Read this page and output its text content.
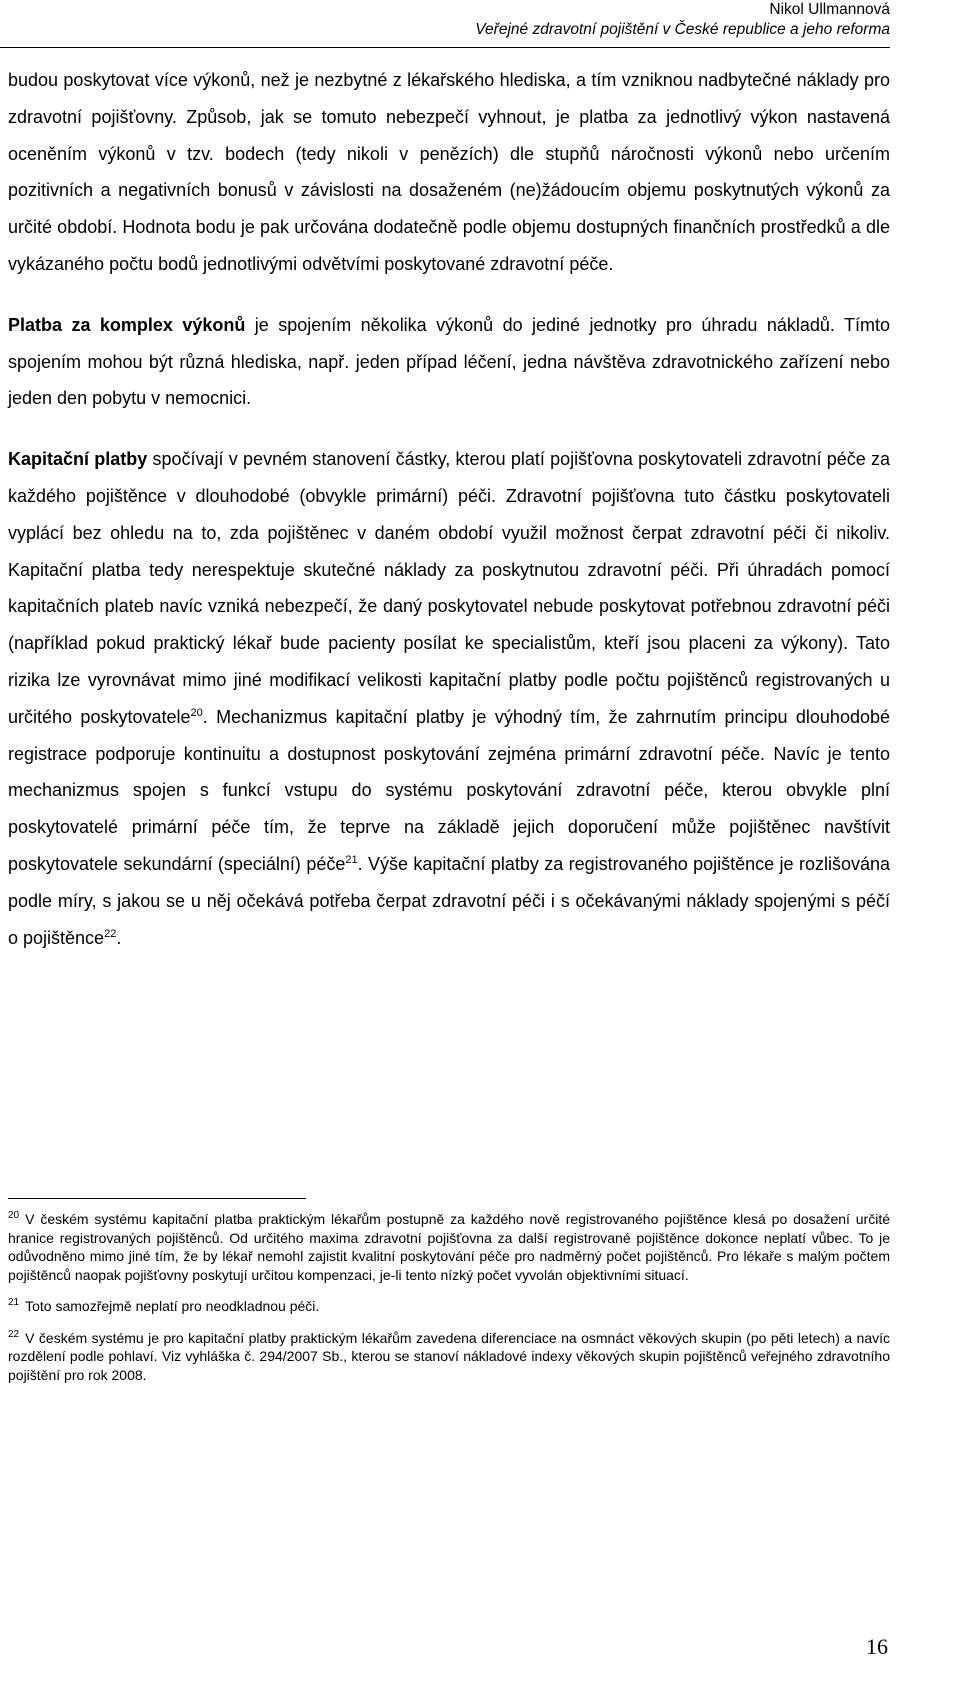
Nikol Ullmannová
Veřejné zdravotní pojištění v České republice a jeho reforma

budou poskytovat více výkonů, než je nezbytné z lékařského hlediska, a tím vzniknou nadbytečné náklady pro zdravotní pojišťovny. Způsob, jak se tomuto nebezpečí vyhnout, je platba za jednotlivý výkon nastavená oceněním výkonů v tzv. bodech (tedy nikoli v penězích) dle stupňů náročnosti výkonů nebo určením pozitivních a negativních bonusů v závislosti na dosaženém (ne)žádoucím objemu poskytnutých výkonů za určité období. Hodnota bodu je pak určována dodatečně podle objemu dostupných finančních prostředků a dle vykázaného počtu bodů jednotlivými odvětvími poskytované zdravotní péče.

Platba za komplex výkonů je spojením několika výkonů do jediné jednotky pro úhradu nákladů. Tímto spojením mohou být různá hlediska, např. jeden případ léčení, jedna návštěva zdravotnického zařízení nebo jeden den pobytu v nemocnici.

Kapitační platby spočívají v pevném stanovení částky, kterou platí pojišťovna poskytovateli zdravotní péče za každého pojištěnce v dlouhodobé (obvykle primární) péči. Zdravotní pojišťovna tuto částku poskytovateli vyplácí bez ohledu na to, zda pojištěnec v daném období využil možnost čerpat zdravotní péči či nikoliv. Kapitační platba tedy nerespektuje skutečné náklady za poskytnutou zdravotní péči. Při úhradách pomocí kapitačních plateb navíc vzniká nebezpečí, že daný poskytovatel nebude poskytovat potřebnou zdravotní péči (například pokud praktický lékař bude pacienty posílat ke specialistům, kteří jsou placeni za výkony). Tato rizika lze vyrovnávat mimo jiné modifikací velikosti kapitační platby podle počtu pojištěnců registrovaných u určitého poskytovatele$^{20}$. Mechanizmus kapitační platby je výhodný tím, že zahrnutím principu dlouhodobé registrace podporuje kontinuitu a dostupnost poskytování zejména primární zdravotní péče. Navíc je tento mechanizmus spojen s funkcí vstupu do systému poskytování zdravotní péče, kterou obvykle plní poskytovatelé primární péče tím, že teprve na základě jejich doporučení může pojištěnec navštívit poskytovatele sekundární (speciální) péče$^{21}$. Výše kapitační platby za registrovaného pojištěnce je rozlišována podle míry, s jakou se u něj očekává potřeba čerpat zdravotní péči i s očekávanými náklady spojenými s péčí o pojištěnce$^{22}$.

$^{20}$ V českém systému kapitační platba praktickým lékařům postupně za každého nově registrovaného pojištěnce klesá po dosažení určité hranice registrovaných pojištěnců. Od určitého maxima zdravotní pojišťovna za další registrované pojištěnce dokonce neplatí vůbec. To je odůvodněno mimo jiné tím, že by lékař nemohl zajistit kvalitní poskytování péče pro nadměrný počet pojištěnců. Pro lékaře s malým počtem pojištěnců naopak pojišťovny poskytují určitou kompenzaci, je-li tento nízký počet vyvolán objektivními situací.

$^{21}$ Toto samozřejmě neplatí pro neodkladnou péči.

$^{22}$ V českém systému je pro kapitační platby praktickým lékařům zavedena diferenciace na osmnáct věkových skupin (po pěti letech) a navíc rozdělení podle pohlaví. Viz vyhláška č. 294/2007 Sb., kterou se stanoví nákladové indexy věkových skupin pojištěnců veřejného zdravotního pojištění pro rok 2008.

16
